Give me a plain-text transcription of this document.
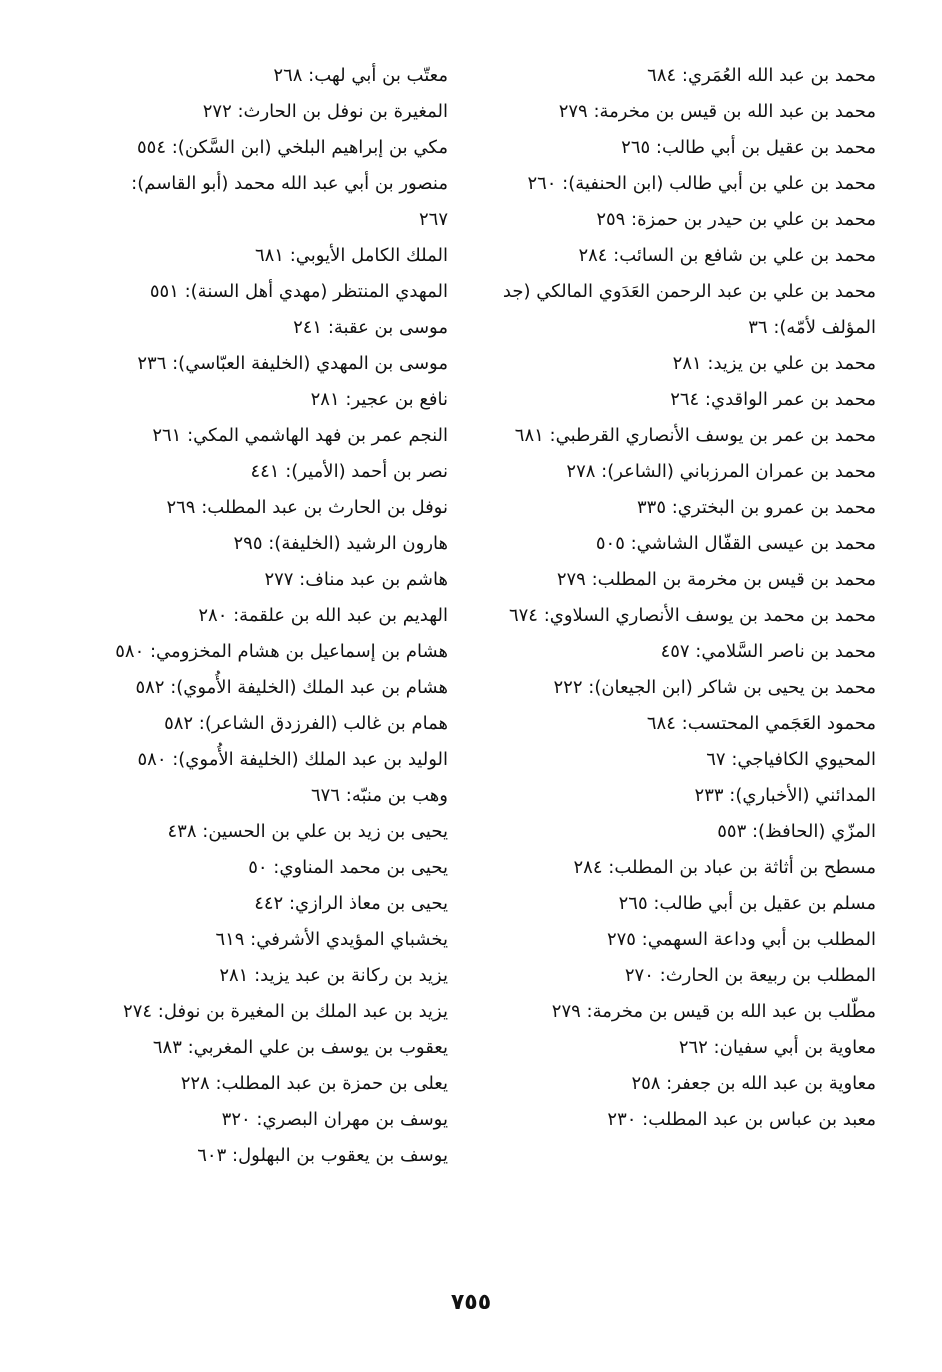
محمد بن عبد الله العُمَري: ٦٨٤
محمد بن عبد الله بن قيس بن مخرمة: ٢٧٩
محمد بن عقيل بن أبي طالب: ٢٦٥
محمد بن علي بن أبي طالب (ابن الحنفية): ٢٦٠
محمد بن علي بن حيدر بن حمزة: ٢٥٩
محمد بن علي بن شافع بن السائب: ٢٨٤
محمد بن علي بن عبد الرحمن العَدَوي المالكي (جد المؤلف لأمّه): ٣٦
محمد بن علي بن يزيد: ٢٨١
محمد بن عمر الواقدي: ٢٦٤
محمد بن عمر بن يوسف الأنصاري القرطبي: ٦٨١
محمد بن عمران المرزباني (الشاعر): ٢٧٨
محمد بن عمرو بن البختري: ٣٣٥
محمد بن عيسى القفّال الشاشي: ٥٠٥
محمد بن قيس بن مخرمة بن المطلب: ٢٧٩
محمد بن محمد بن يوسف الأنصاري السلاوي: ٦٧٤
محمد بن ناصر السَّلامي: ٤٥٧
محمد بن يحيى بن شاكر (ابن الجيعان): ٢٢٢
محمود العَجَمي المحتسب: ٦٨٤
المحيوي الكافياجي: ٦٧
المدائني (الأخباري): ٢٣٣
المزّي (الحافظ): ٥٥٣
مسطح بن أثاثة بن عباد بن المطلب: ٢٨٤
مسلم بن عقيل بن أبي طالب: ٢٦٥
المطلب بن أبي وداعة السهمي: ٢٧٥
المطلب بن ربيعة بن الحارث: ٢٧٠
مطّلب بن عبد الله بن قيس بن مخرمة: ٢٧٩
معاوية بن أبي سفيان: ٢٦٢
معاوية بن عبد الله بن جعفر: ٢٥٨
معبد بن عباس بن عبد المطلب: ٢٣٠
معتّب بن أبي لهب: ٢٦٨
المغيرة بن نوفل بن الحارث: ٢٧٢
مكي بن إبراهيم البلخي (ابن السَّكن): ٥٥٤
منصور بن أبي عبد الله محمد (أبو القاسم): ٢٦٧
الملك الكامل الأيوبي: ٦٨١
المهدي المنتظر (مهدي أهل السنة): ٥٥١
موسى بن عقبة: ٢٤١
موسى بن المهدي (الخليفة العبّاسي): ٢٣٦
نافع بن عجير: ٢٨١
النجم عمر بن فهد الهاشمي المكي: ٢٦١
نصر بن أحمد (الأمير): ٤٤١
نوفل بن الحارث بن عبد المطلب: ٢٦٩
هارون الرشيد (الخليفة): ٢٩٥
هاشم بن عبد مناف: ٢٧٧
الهديم بن عبد الله بن علقمة: ٢٨٠
هشام بن إسماعيل بن هشام المخزومي: ٥٨٠
هشام بن عبد الملك (الخليفة الأُموي): ٥٨٢
همام بن غالب (الفرزدق الشاعر): ٥٨٢
الوليد بن عبد الملك (الخليفة الأُموي): ٥٨٠
وهب بن منبّه: ٦٧٦
يحيى بن زيد بن علي بن الحسين: ٤٣٨
يحيى بن محمد المناوي: ٥٠
يحيى بن معاذ الرازي: ٤٤٢
يخشباي المؤيدي الأشرفي: ٦١٩
يزيد بن ركانة بن عبد يزيد: ٢٨١
يزيد بن عبد الملك بن المغيرة بن نوفل: ٢٧٤
يعقوب بن يوسف بن علي المغربي: ٦٨٣
يعلى بن حمزة بن عبد المطلب: ٢٢٨
يوسف بن مهران البصري: ٣٢٠
يوسف بن يعقوب بن البهلول: ٦٠٣
٧٥٥
